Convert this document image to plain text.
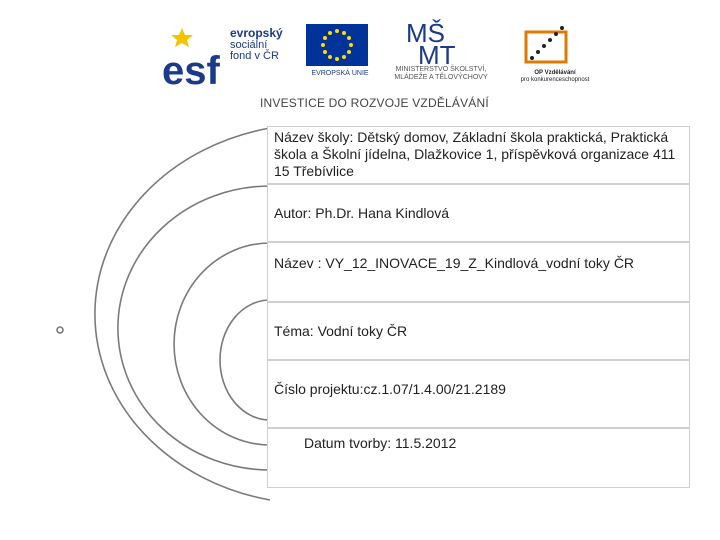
esf
evropský
sociální
fond v ČR
EVROPSKÁ UNIE
MŠ
MT
MINISTERSTVO ŠKOLSTVÍ,
MLÁDEŽE A TĚLOVÝCHOVY
OP Vzdělávání
pro konkurenceschopnost
INVESTICE DO ROZVOJE VZDĚLÁVÁNÍ
Název školy: Dětský domov, Základní škola praktická, Praktická škola a Školní jídelna, Dlažkovice 1, příspěvková organizace 411 15 Třebívlice
Autor: Ph.Dr. Hana Kindlová
Název : VY_12_INOVACE_19_Z_Kindlová_vodní toky ČR
Téma: Vodní toky ČR
Číslo projektu:cz.1.07/1.4.00/21.2189
Datum tvorby: 11.5.2012
